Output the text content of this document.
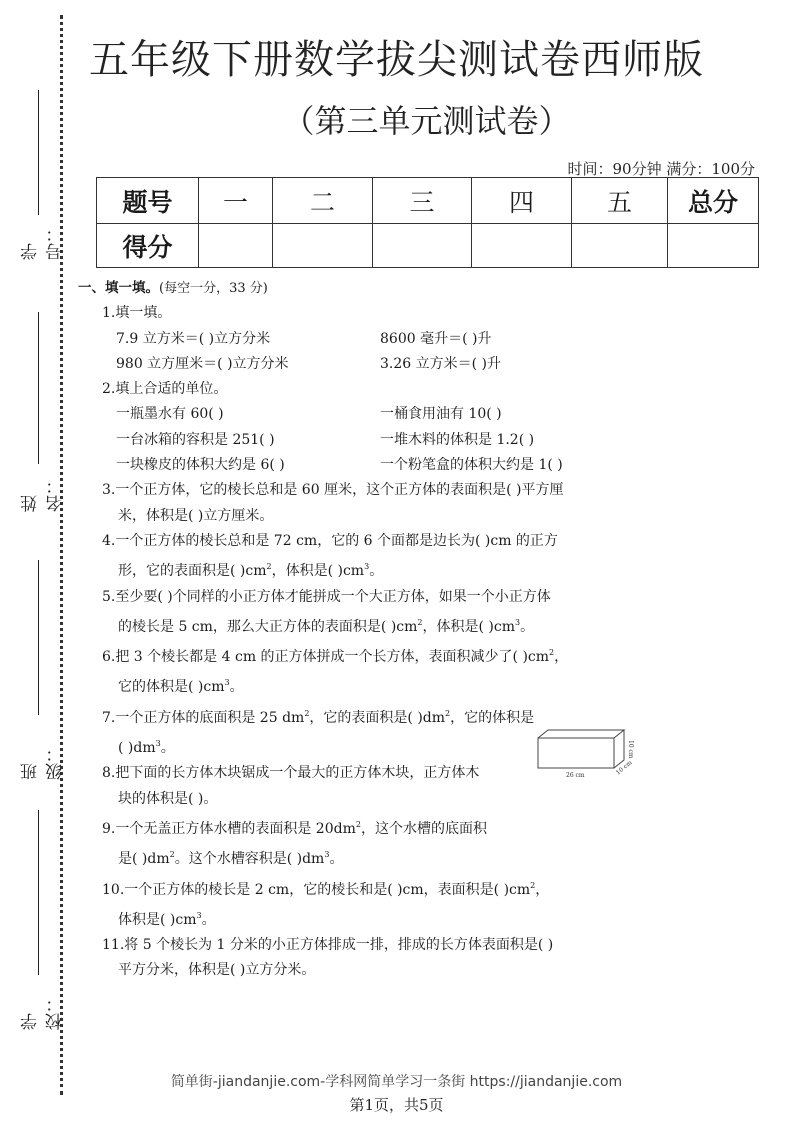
学号：
姓名：
班级：
学校：
五年级下册数学拔尖测试卷西师版
（第三单元测试卷）
时间：90分钟 满分：100分
题号	一	二	三	四	五	总分
得分						
一、填一填。(每空一分，33 分)
1.填一填。
7.9 立方米＝( )立方分米	8600 毫升＝( )升
980 立方厘米＝( )立方分米	3.26 立方米＝( )升
2.填上合适的单位。
一瓶墨水有 60( )	一桶食用油有 10( )
一台冰箱的容积是 251( )	一堆木料的体积是 1.2( )
一块橡皮的体积大约是 6( )	一个粉笔盒的体积大约是 1( )
3.一个正方体，它的棱长总和是 60 厘米，这个正方体的表面积是( )平方厘
米，体积是( )立方厘米。
4.一个正方体的棱长总和是 72 cm，它的 6 个面都是边长为( )cm 的正方
形，它的表面积是( )$cm^2$，体积是( )$cm^3$。
5.至少要( )个同样的小正方体才能拼成一个大正方体，如果一个小正方体
的棱长是 5 cm，那么大正方体的表面积是( )$cm^2$，体积是( )$cm^3$。
6.把 3 个棱长都是 4 cm 的正方体拼成一个长方体，表面积减少了( )$cm^2$，
它的体积是( )$cm^3$。
7.一个正方体的底面积是 25 $dm^2$，它的表面积是( )$dm^2$，它的体积是
( )$dm^3$。
8.把下面的长方体木块锯成一个最大的正方体木块，正方体木
块的体积是( )。
9.一个无盖正方体水槽的表面积是 $20dm^2$，这个水槽的底面积
是( )$dm^2$。这个水槽容积是( )$dm^3$。
10.一个正方体的棱长是 2 cm，它的棱长和是( )cm，表面积是( )$cm^2$，
体积是( )$cm^3$。
11.将 5 个棱长为 1 分米的小正方体排成一排，排成的长方体表面积是( )
平方分米，体积是( )立方分米。
26 cm
10 cm
10 cm
简单街-jiandanjie.com-学科网简单学习一条街 https://jiandanjie.com
第1页，共5页
